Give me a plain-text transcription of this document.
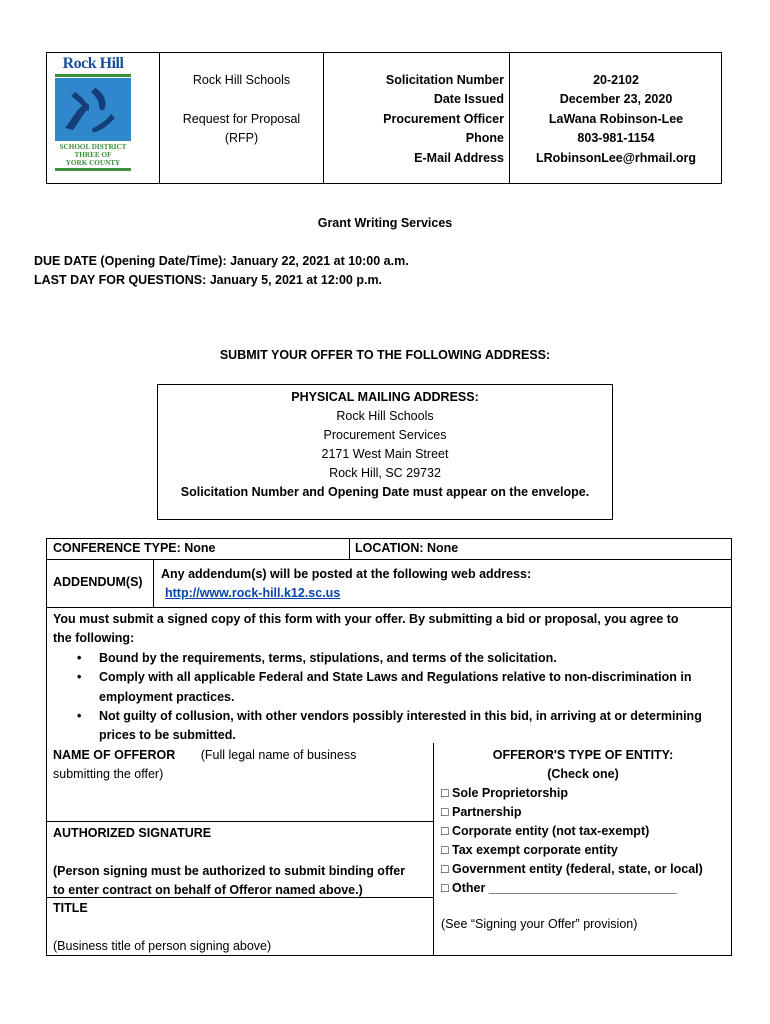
Rock Hill
SCHOOL DISTRICT
THREE OF
YORK COUNTY
Rock Hill Schools

Request for Proposal
(RFP)
Solicitation Number
Date Issued
Procurement Officer
Phone
E-Mail Address
20-2102
December 23, 2020
LaWana Robinson-Lee
803-981-1154
LRobinsonLee@rhmail.org
Grant Writing Services
DUE DATE (Opening Date/Time): January 22, 2021 at 10:00 a.m.
LAST DAY FOR QUESTIONS: January 5, 2021 at 12:00 p.m.
SUBMIT YOUR OFFER TO THE FOLLOWING ADDRESS:
PHYSICAL MAILING ADDRESS:
Rock Hill Schools
Procurement Services
2171 West Main Street
Rock Hill, SC 29732
Solicitation Number and Opening Date must appear on the envelope.
CONFERENCE TYPE: None	LOCATION: None
ADDENDUM(S)
Any addendum(s) will be posted at the following web address:
http://www.rock-hill.k12.sc.us
You must submit a signed copy of this form with your offer. By submitting a bid or proposal, you agree to
the following:
• Bound by the requirements, terms, stipulations, and terms of the solicitation.
• Comply with all applicable Federal and State Laws and Regulations relative to non-discrimination in employment practices.
• Not guilty of collusion, with other vendors possibly interested in this bid, in arriving at or determining prices to be submitted.
NAME OF OFFEROR (Full legal name of business
submitting the offer)
AUTHORIZED SIGNATURE
(Person signing must be authorized to submit binding offer
to enter contract on behalf of Offeror named above.)
TITLE
(Business title of person signing above)
OFFEROR'S TYPE OF ENTITY:
(Check one)
□ Sole Proprietorship
□ Partnership
□ Corporate entity (not tax-exempt)
□ Tax exempt corporate entity
□ Government entity (federal, state, or local)
□ Other ___________________________
(See “Signing your Offer” provision)
